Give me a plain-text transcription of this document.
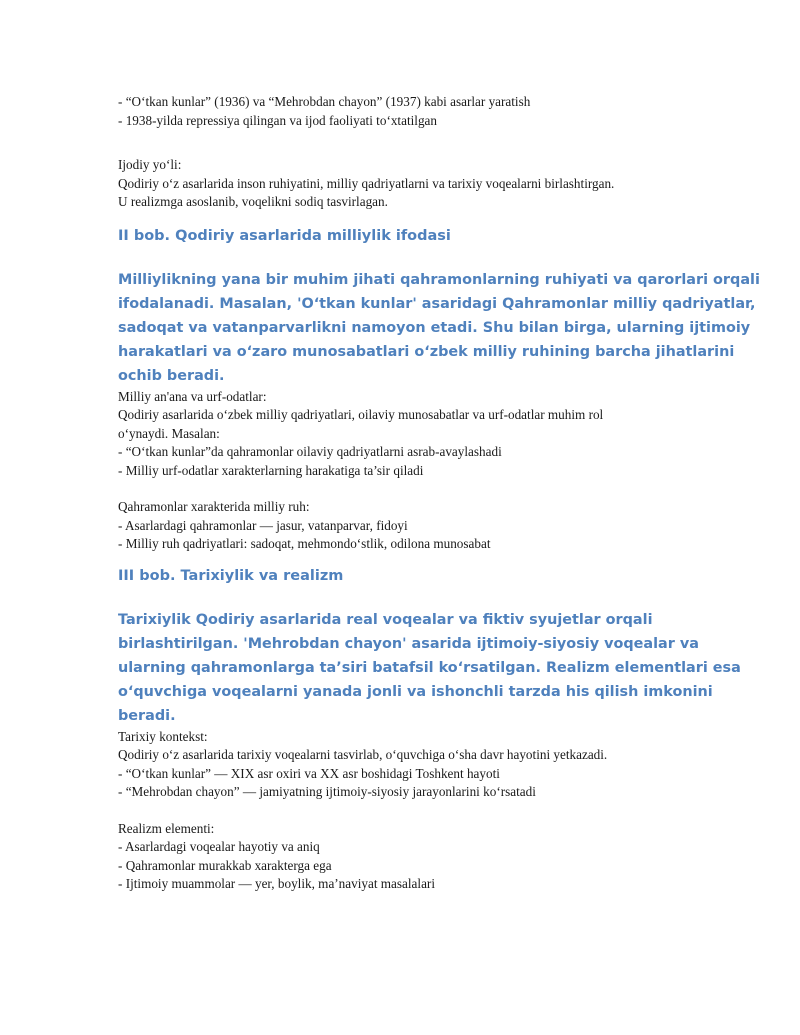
- “O‘tkan kunlar” (1936) va “Mehrobdan chayon” (1937) kabi asarlar yaratish
- 1938-yilda repressiya qilingan va ijod faoliyati to‘xtatilgan
Ijodiy yo‘li:
Qodiriy o‘z asarlarida inson ruhiyatini, milliy qadriyatlarni va tarixiy voqealarni birlashtirgan.
U realizmga asoslanib, voqelikni sodiq tasvirlagan.
II bob. Qodiriy asarlarida milliylik ifodasi
Milliylikning yana bir muhim jihati qahramonlarning ruhiyati va qarorlari orqali
ifodalanadi. Masalan, 'O‘tkan kunlar' asaridagi Qahramonlar milliy qadriyatlar,
sadoqat va vatanparvarlikni namoyon etadi. Shu bilan birga, ularning ijtimoiy
harakatlari va o‘zaro munosabatlari o‘zbek milliy ruhining barcha jihatlarini
ochib beradi.
Milliy an'ana va urf-odatlar:
Qodiriy asarlarida o‘zbek milliy qadriyatlari, oilaviy munosabatlar va urf-odatlar muhim rol
o‘ynaydi. Masalan:
- “O‘tkan kunlar”da qahramonlar oilaviy qadriyatlarni asrab-avaylashadi
- Milliy urf-odatlar xarakterlarning harakatiga ta’sir qiladi
Qahramonlar xarakterida milliy ruh:
- Asarlardagi qahramonlar — jasur, vatanparvar, fidoyi
- Milliy ruh qadriyatlari: sadoqat, mehmondo‘stlik, odilona munosabat
III bob. Tarixiylik va realizm
Tarixiylik Qodiriy asarlarida real voqealar va fiktiv syujetlar orqali
birlashtirilgan. 'Mehrobdan chayon' asarida ijtimoiy-siyosiy voqealar va
ularning qahramonlarga ta’siri batafsil ko‘rsatilgan. Realizm elementlari esa
o‘quvchiga voqealarni yanada jonli va ishonchli tarzda his qilish imkonini
beradi.
Tarixiy kontekst:
Qodiriy o‘z asarlarida tarixiy voqealarni tasvirlab, o‘quvchiga o‘sha davr hayotini yetkazadi.
- “O‘tkan kunlar” — XIX asr oxiri va XX asr boshidagi Toshkent hayoti
- “Mehrobdan chayon” — jamiyatning ijtimoiy-siyosiy jarayonlarini ko‘rsatadi
Realizm elementi:
- Asarlardagi voqealar hayotiy va aniq
- Qahramonlar murakkab xarakterga ega
- Ijtimoiy muammolar — yer, boylik, ma’naviyat masalalari
